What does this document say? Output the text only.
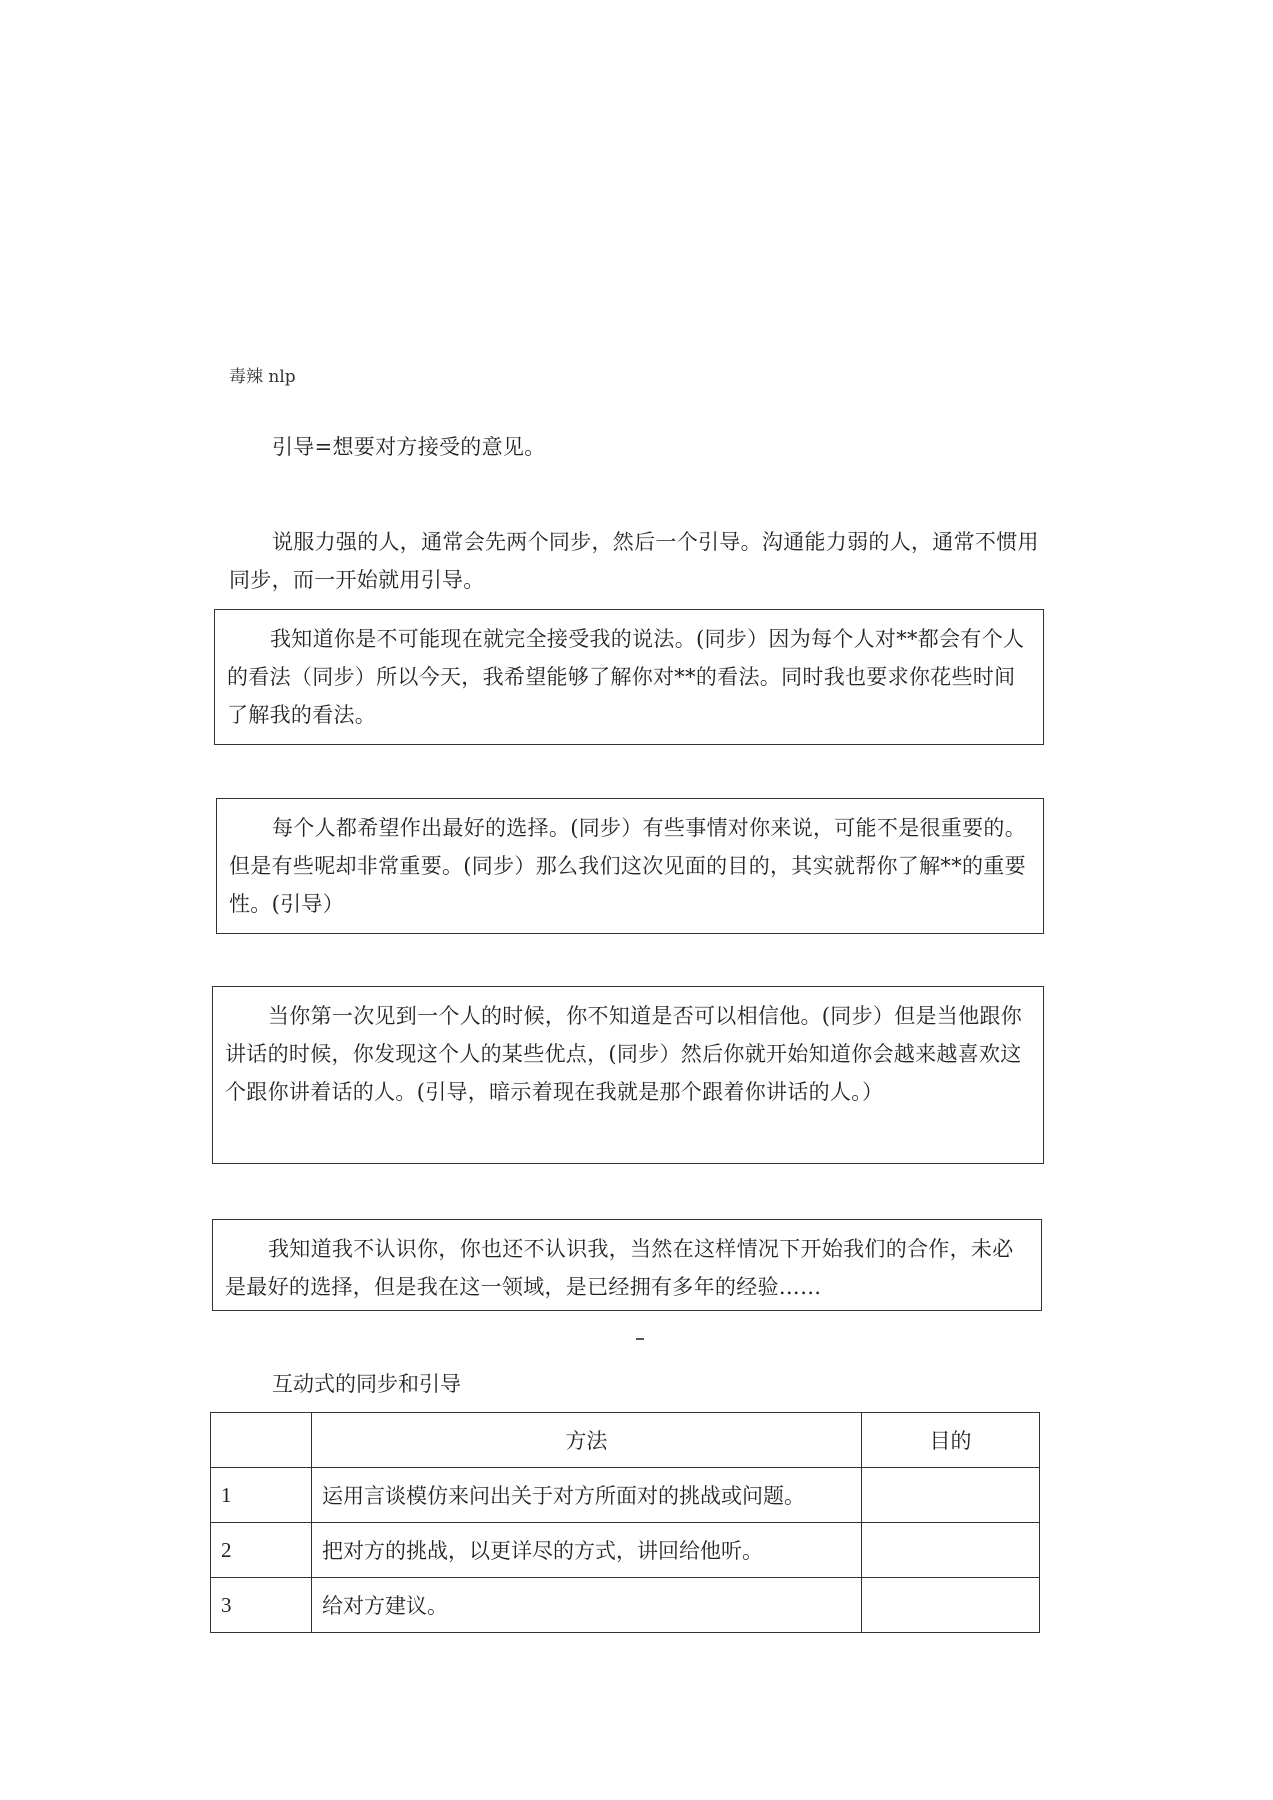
毒辣 nlp
引导=想要对方接受的意见。
说服力强的人，通常会先两个同步，然后一个引导。沟通能力弱的人，通常不惯用同步，而一开始就用引导。

我知道你是不可能现在就完全接受我的说法。(同步）因为每个人对**都会有个人的看法（同步）所以今天，我希望能够了解你对**的看法。同时我也要求你花些时间了解我的看法。

每个人都希望作出最好的选择。(同步）有些事情对你来说，可能不是很重要的。但是有些呢却非常重要。(同步）那么我们这次见面的目的，其实就帮你了解**的重要性。(引导）

当你第一次见到一个人的时候，你不知道是否可以相信他。(同步）但是当他跟你讲话的时候，你发现这个人的某些优点，(同步）然后你就开始知道你会越来越喜欢这个跟你讲着话的人。(引导，暗示着现在我就是那个跟着你讲话的人。）

我知道我不认识你，你也还不认识我，当然在这样情况下开始我们的合作，未必是最好的选择，但是我在这一领域，是已经拥有多年的经验……

互动式的同步和引导
	方法	目的
1	运用言谈模仿来问出关于对方所面对的挑战或问题。	
2	把对方的挑战，以更详尽的方式，讲回给他听。	
3	给对方建议。	
